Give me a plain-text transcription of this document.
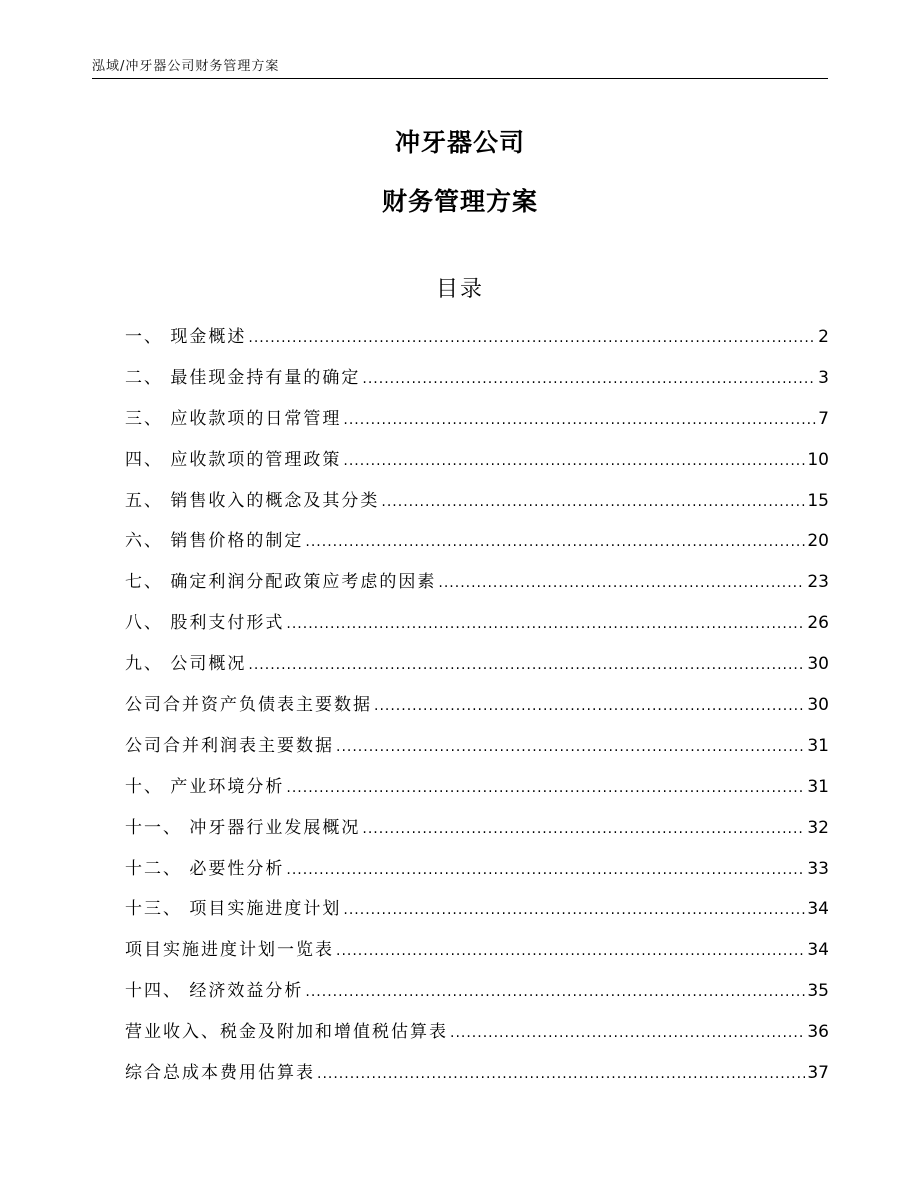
泓域/冲牙器公司财务管理方案
冲牙器公司
财务管理方案
目录
一、 现金概述 .....	2
二、 最佳现金持有量的确定 .....	3
三、 应收款项的日常管理 .....	7
四、 应收款项的管理政策 .....	10
五、 销售收入的概念及其分类 .....	15
六、 销售价格的制定 .....	20
七、 确定利润分配政策应考虑的因素 .....	23
八、 股利支付形式 .....	26
九、 公司概况 .....	30
公司合并资产负债表主要数据 .....	30
公司合并利润表主要数据 .....	31
十、 产业环境分析 .....	31
十一、 冲牙器行业发展概况 .....	32
十二、 必要性分析 .....	33
十三、 项目实施进度计划 .....	34
项目实施进度计划一览表 .....	34
十四、 经济效益分析 .....	35
营业收入、税金及附加和增值税估算表 .....	36
综合总成本费用估算表 .....	37
